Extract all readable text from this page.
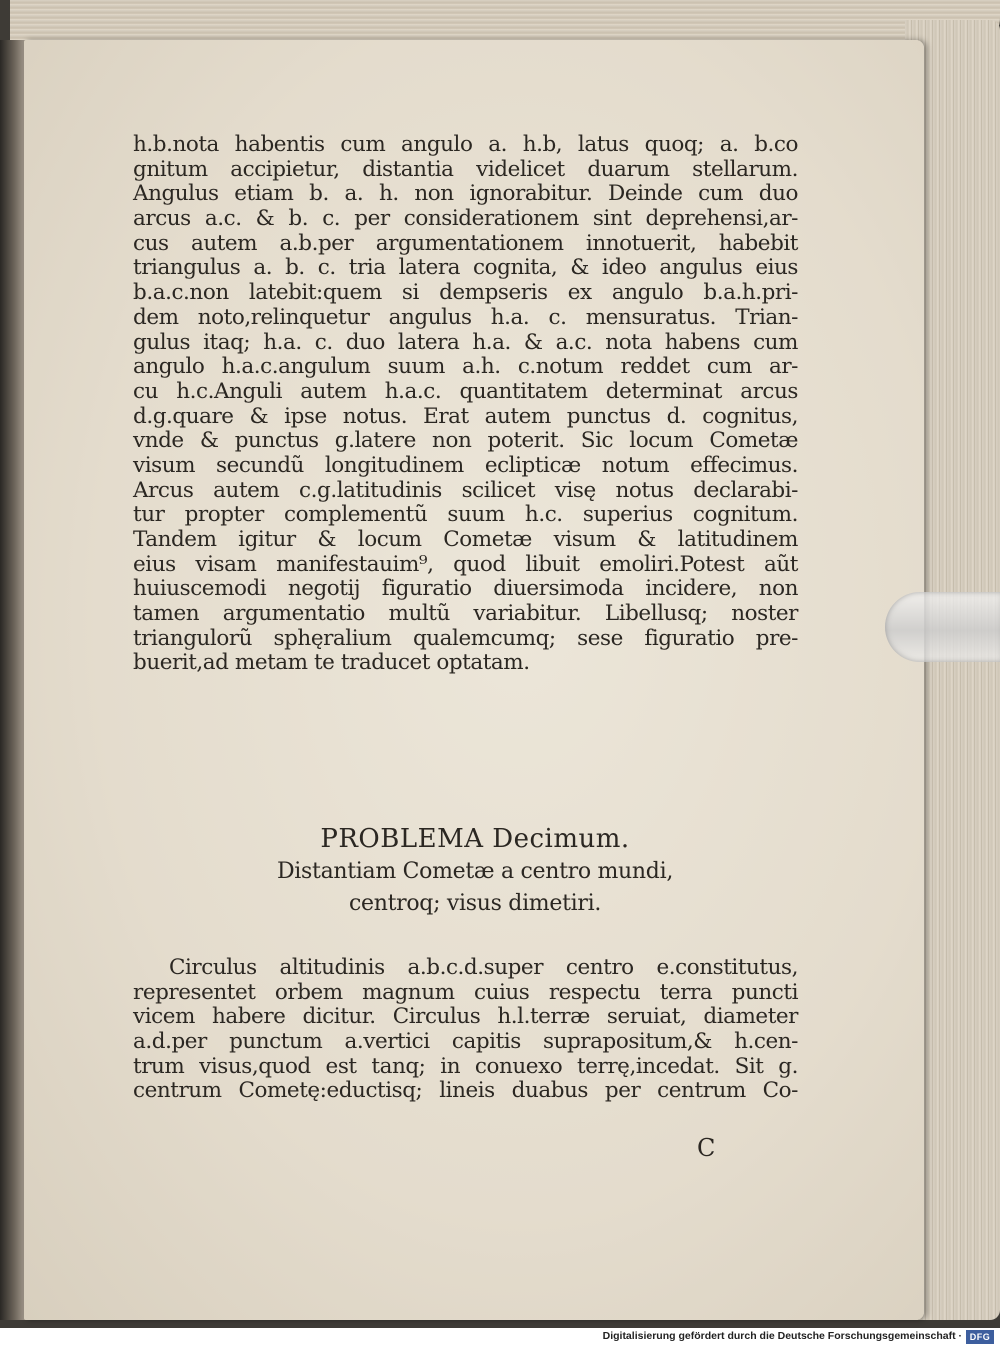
h.b.nota habentis cum angulo a. h.b, latus quoq; a. b.co
gnitum accipietur, distantia videlicet duarum stellarum.
Angulus etiam b. a. h. non ignorabitur. Deinde cum duo
arcus a.c. & b. c. per considerationem sint deprehensi,ar-
cus autem a.b.per argumentationem innotuerit, habebit
triangulus a. b. c. tria latera cognita, & ideo angulus eius
b.a.c.non latebit:quem si dempseris ex angulo b.a.h.pri-
dem noto,relinquetur angulus h.a. c. mensuratus. Trian-
gulus itaq; h.a. c. duo latera h.a. & a.c. nota habens cum
angulo h.a.c.angulum suum a.h. c.notum reddet cum ar-
cu h.c.Anguli autem h.a.c. quantitatem determinat arcus
d.g.quare & ipse notus. Erat autem punctus d. cognitus,
vnde & punctus g.latere non poterit. Sic locum Cometæ
visum secundũ longitudinem eclipticæ notum effecimus.
Arcus autem c.g.latitudinis scilicet visę notus declarabi-
tur propter complementũ suum h.c. superius cognitum.
Tandem igitur & locum Cometæ visum & latitudinem
eius visam manifestauim⁹, quod libuit emoliri.Potest aũt
huiuscemodi negotij figuratio diuersimoda incidere, non
tamen argumentatio multũ variabitur. Libellusq; noster
triangulorũ sphęralium qualemcumq; sese figuratio pre-
buerit,ad metam te traducet optatam.
PROBLEMA Decimum.
Distantiam Cometæ a centro mundi,
centroq; visus dimetiri.
Circulus altitudinis a.b.c.d.super centro e.constitutus,
representet orbem magnum cuius respectu terra puncti
vicem habere dicitur. Circulus h.l.terræ seruiat, diameter
a.d.per punctum a.vertici capitis suprapositum,& h.cen-
trum visus,quod est tanq; in conuexo terrę,incedat. Sit g.
centrum Cometę:eductisq; lineis duabus per centrum Co-
C
Digitalisierung gefördert durch die Deutsche Forschungsgemeinschaft · DFG
